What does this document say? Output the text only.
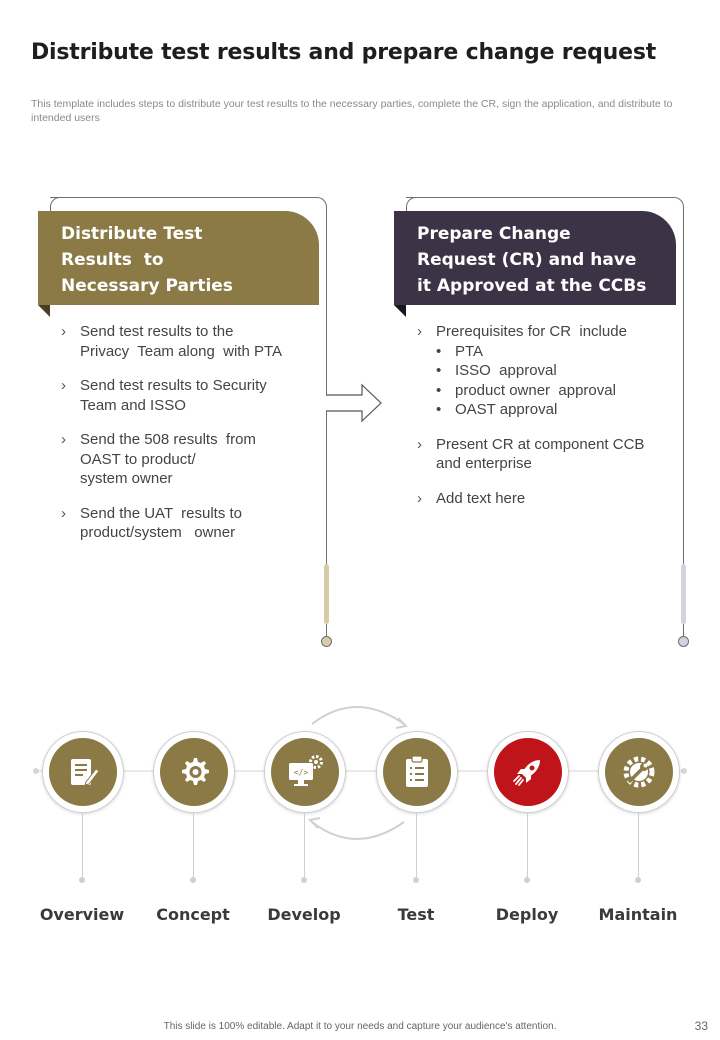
Distribute test results and prepare change request
This template includes steps to distribute your test results to the necessary parties, complete the CR, sign the application, and distribute to intended users
Distribute Test
Results  to
Necessary Parties
› Send test results to the
Privacy  Team along  with PTA
› Send test results to Security
Team and ISSO
› Send the 508 results  from
OAST to product/
system owner
› Send the UAT  results to
product/system   owner
Prepare Change
Request (CR) and have
it Approved at the CCBs
› Prerequisites for CR  include
• PTA
• ISSO  approval
• product owner  approval
• OAST approval
› Present CR at component CCB
and enterprise
› Add text here
Overview	Concept
</>
Develop	Test	Deploy	Maintain
This slide is 100% editable. Adapt it to your needs and capture your audience's attention.	33
